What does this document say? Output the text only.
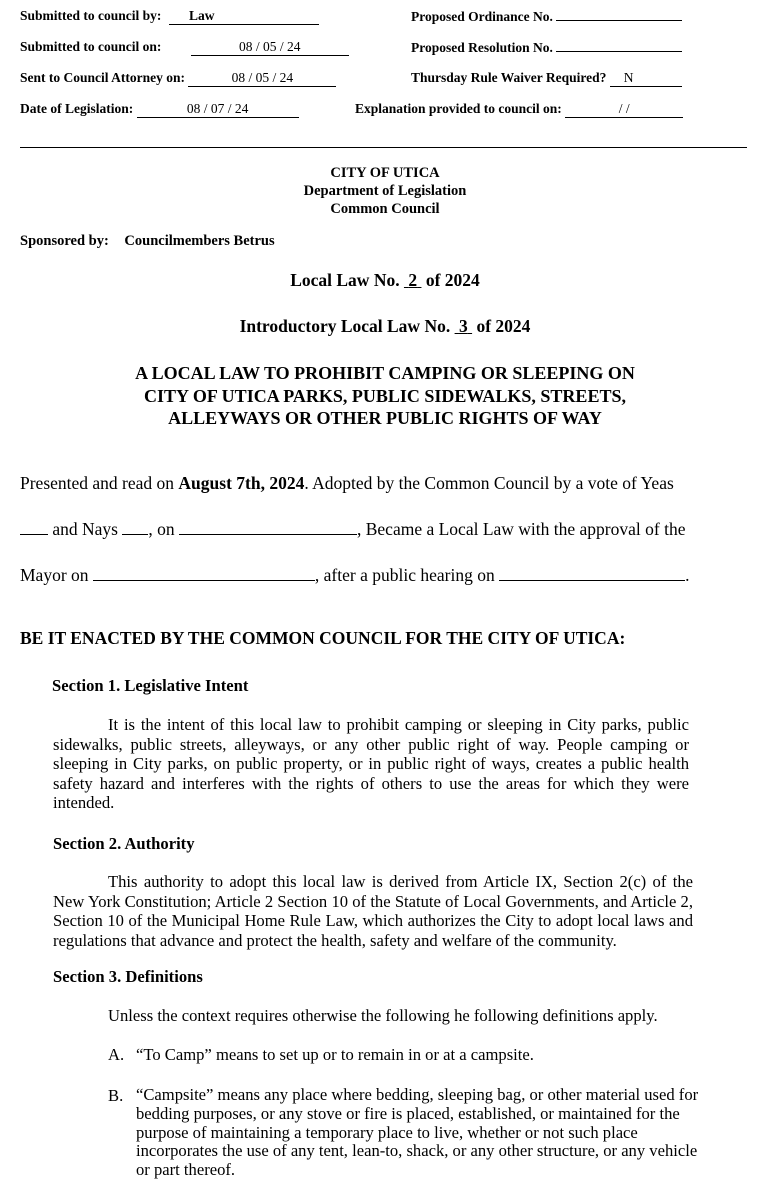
Submitted to council by: Law	Proposed Ordinance No.
Submitted to council on:	08 / 05 / 24	Proposed Resolution No.
Sent to Council Attorney on:	08 / 05 / 24	Thursday Rule Waiver Required? N
Date of Legislation:	08 / 07 / 24	Explanation provided to council on:	/ /
CITY OF UTICA
Department of Legislation
Common Council
Sponsored by: Councilmembers Betrus
Local Law No. 2 of 2024
Introductory Local Law No. 3 of 2024
A LOCAL LAW TO PROHIBIT CAMPING OR SLEEPING ON
CITY OF UTICA PARKS, PUBLIC SIDEWALKS, STREETS,
ALLEYWAYS OR OTHER PUBLIC RIGHTS OF WAY
Presented and read on August 7th, 2024. Adopted by the Common Council by a vote of Yeas
and Nays , on	, Became a Local Law with the approval of the
Mayor on	, after a public hearing on	.
BE IT ENACTED BY THE COMMON COUNCIL FOR THE CITY OF UTICA:
Section 1. Legislative Intent
It is the intent of this local law to prohibit camping or sleeping in City parks, public sidewalks, public streets, alleyways, or any other public right of way. People camping or sleeping in City parks, on public property, or in public right of ways, creates a public health safety hazard and interferes with the rights of others to use the areas for which they were intended.
Section 2. Authority
This authority to adopt this local law is derived from Article IX, Section 2(c) of the New York Constitution; Article 2 Section 10 of the Statute of Local Governments, and Article 2, Section 10 of the Municipal Home Rule Law, which authorizes the City to adopt local laws and regulations that advance and protect the health, safety and welfare of the community.
Section 3. Definitions
Unless the context requires otherwise the following he following definitions apply.
A. “To Camp” means to set up or to remain in or at a campsite.
B. “Campsite” means any place where bedding, sleeping bag, or other material used for bedding purposes, or any stove or fire is placed, established, or maintained for the purpose of maintaining a temporary place to live, whether or not such place incorporates the use of any tent, lean-to, shack, or any other structure, or any vehicle or part thereof.
